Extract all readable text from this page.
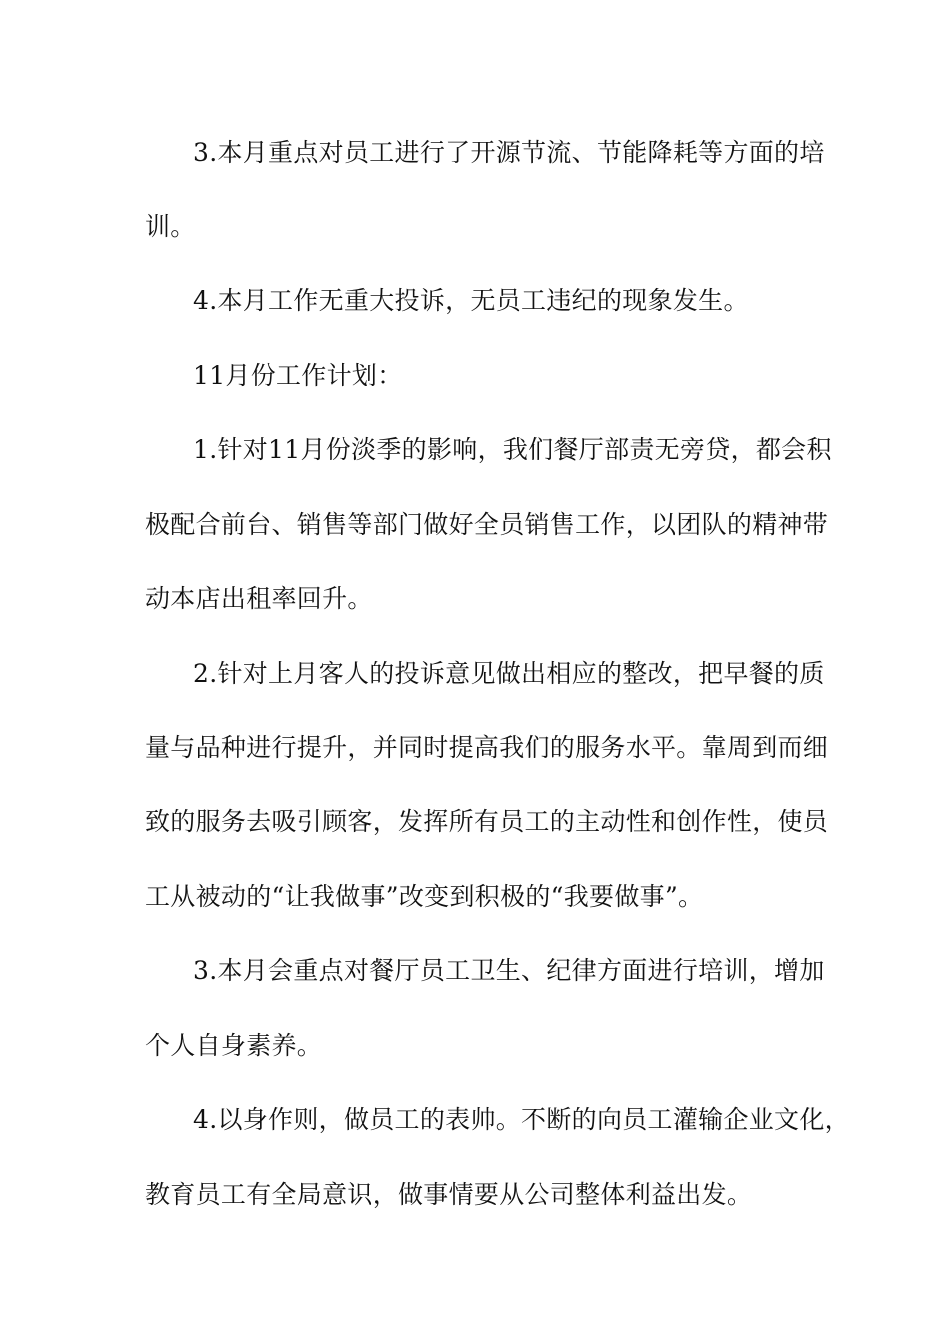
3.本月重点对员工进行了开源节流、节能降耗等方面的培
训。
4.本月工作无重大投诉，无员工违纪的现象发生。
11月份工作计划：
1.针对11月份淡季的影响，我们餐厅部责无旁贷，都会积
极配合前台、销售等部门做好全员销售工作，以团队的精神带
动本店出租率回升。
2.针对上月客人的投诉意见做出相应的整改，把早餐的质
量与品种进行提升，并同时提高我们的服务水平。靠周到而细
致的服务去吸引顾客，发挥所有员工的主动性和创作性，使员
工从被动的“让我做事”改变到积极的“我要做事”。
3.本月会重点对餐厅员工卫生、纪律方面进行培训，增加
个人自身素养。
4.以身作则，做员工的表帅。不断的向员工灌输企业文化，
教育员工有全局意识，做事情要从公司整体利益出发。
